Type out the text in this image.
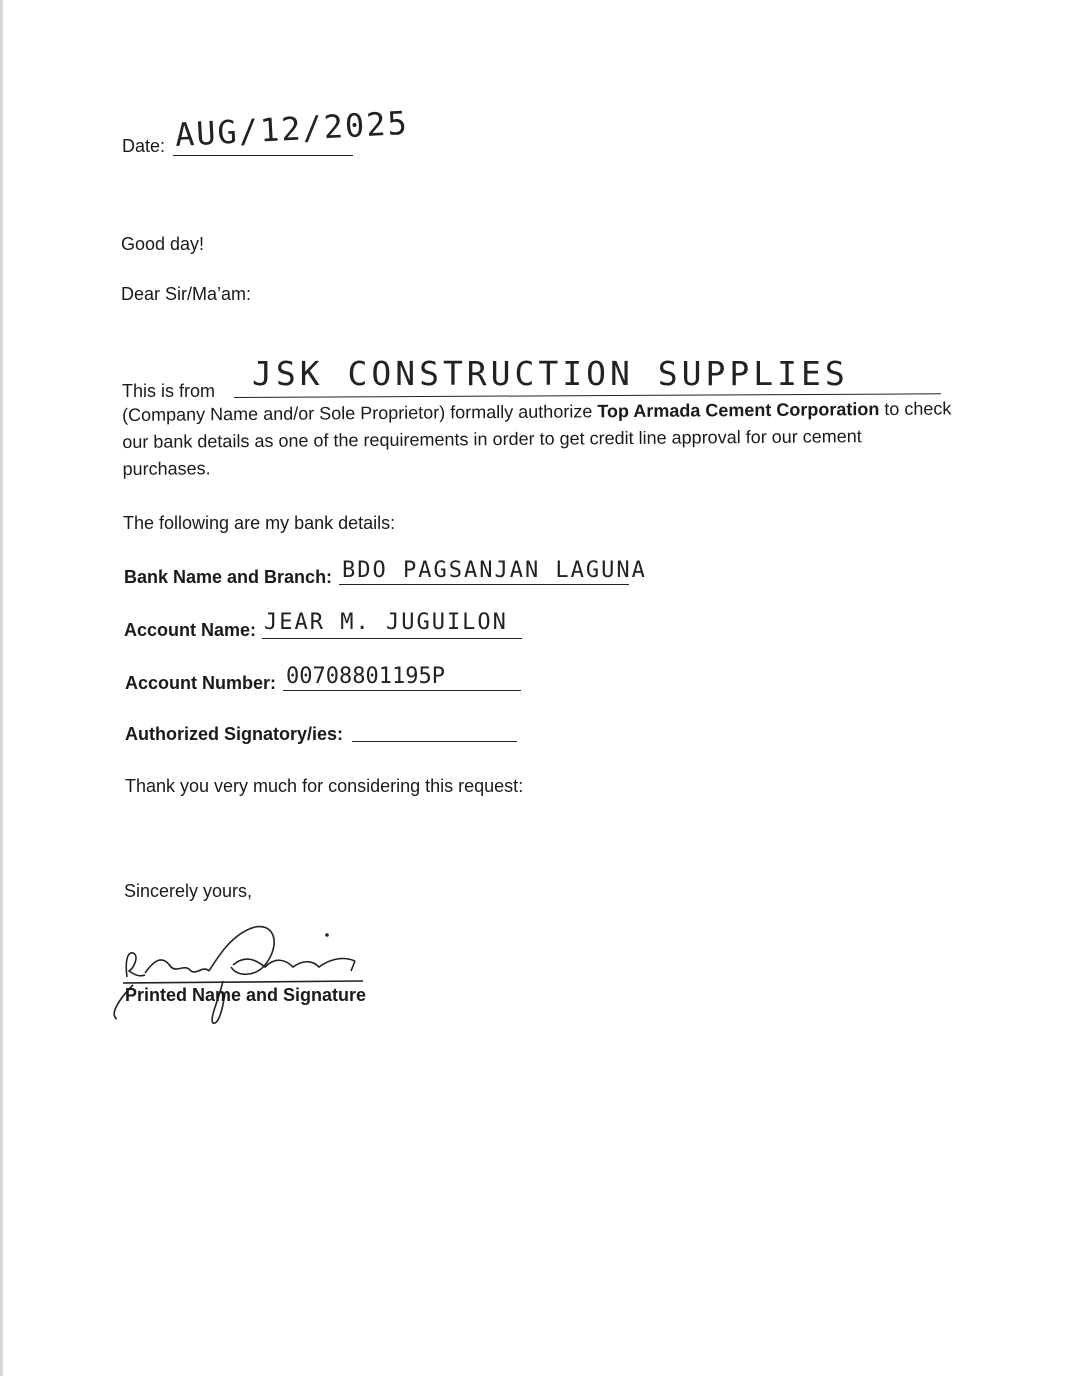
Date: AUG/12/2025
Good day!
Dear Sir/Ma’am:
This is from JSK CONSTRUCTION SUPPLIES
(Company Name and/or Sole Proprietor) formally authorize Top Armada Cement Corporation to check our bank details as one of the requirements in order to get credit line approval for our cement purchases.
The following are my bank details:
Bank Name and Branch: BDO PAGSANJAN LAGUNA
Account Name: JEAR M. JUGUILON
Account Number: 00708801195P
Authorized Signatory/ies:
Thank you very much for considering this request:
Sincerely yours,
Printed Name and Signature
